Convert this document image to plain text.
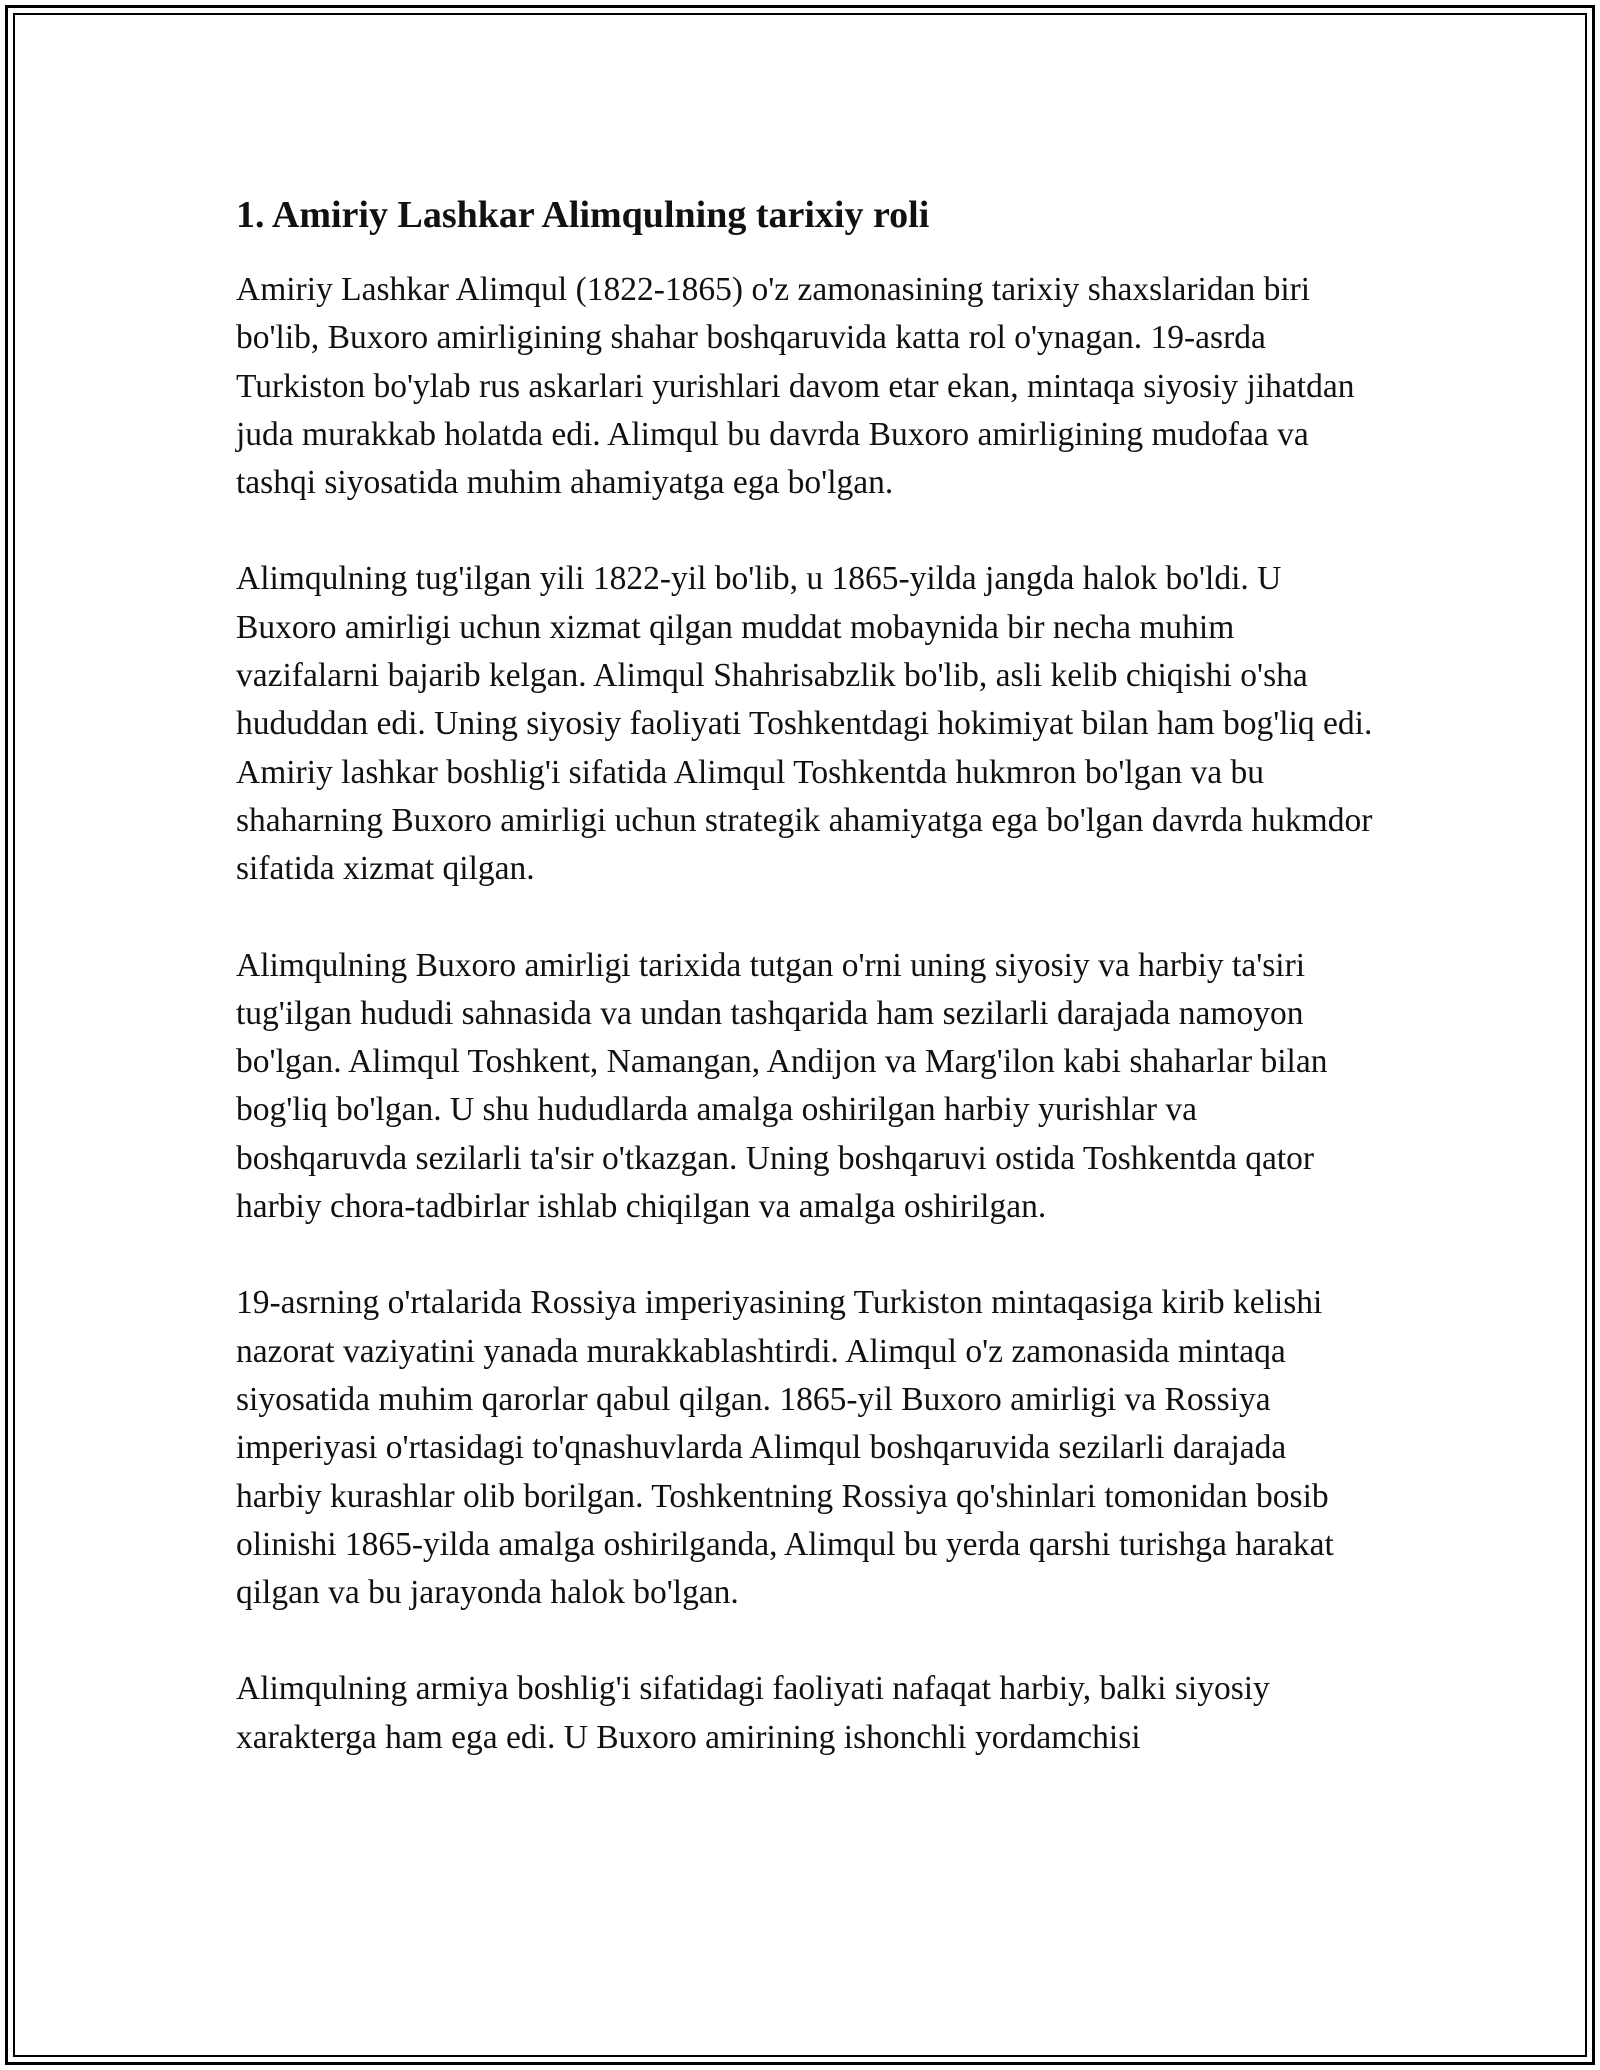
1. Amiriy Lashkar Alimqulning tarixiy roli

Amiriy Lashkar Alimqul (1822-1865) o'z zamonasining tarixiy shaxslaridan biri bo'lib, Buxoro amirligining shahar boshqaruvida katta rol o'ynagan. 19-asrda Turkiston bo'ylab rus askarlari yurishlari davom etar ekan, mintaqa siyosiy jihatdan juda murakkab holatda edi. Alimqul bu davrda Buxoro amirligining mudofaa va tashqi siyosatida muhim ahamiyatga ega bo'lgan.

Alimqulning tug'ilgan yili 1822-yil bo'lib, u 1865-yilda jangda halok bo'ldi. U Buxoro amirligi uchun xizmat qilgan muddat mobaynida bir necha muhim vazifalarni bajarib kelgan. Alimqul Shahrisabzlik bo'lib, asli kelib chiqishi o'sha hududdan edi. Uning siyosiy faoliyati Toshkentdagi hokimiyat bilan ham bog'liq edi. Amiriy lashkar boshlig'i sifatida Alimqul Toshkentda hukmron bo'lgan va bu shaharning Buxoro amirligi uchun strategik ahamiyatga ega bo'lgan davrda hukmdor sifatida xizmat qilgan.

Alimqulning Buxoro amirligi tarixida tutgan o'rni uning siyosiy va harbiy ta'siri tug'ilgan hududi sahnasida va undan tashqarida ham sezilarli darajada namoyon bo'lgan. Alimqul Toshkent, Namangan, Andijon va Marg'ilon kabi shaharlar bilan bog'liq bo'lgan. U shu hududlarda amalga oshirilgan harbiy yurishlar va boshqaruvda sezilarli ta'sir o'tkazgan. Uning boshqaruvi ostida Toshkentda qator harbiy chora-tadbirlar ishlab chiqilgan va amalga oshirilgan.

19-asrning o'rtalarida Rossiya imperiyasining Turkiston mintaqasiga kirib kelishi nazorat vaziyatini yanada murakkablashtirdi. Alimqul o'z zamonasida mintaqa siyosatida muhim qarorlar qabul qilgan. 1865-yil Buxoro amirligi va Rossiya imperiyasi o'rtasidagi to'qnashuvlarda Alimqul boshqaruvida sezilarli darajada harbiy kurashlar olib borilgan. Toshkentning Rossiya qo'shinlari tomonidan bosib olinishi 1865-yilda amalga oshirilganda, Alimqul bu yerda qarshi turishga harakat qilgan va bu jarayonda halok bo'lgan.

Alimqulning armiya boshlig'i sifatidagi faoliyati nafaqat harbiy, balki siyosiy xarakterga ham ega edi. U Buxoro amirining ishonchli yordamchisi
